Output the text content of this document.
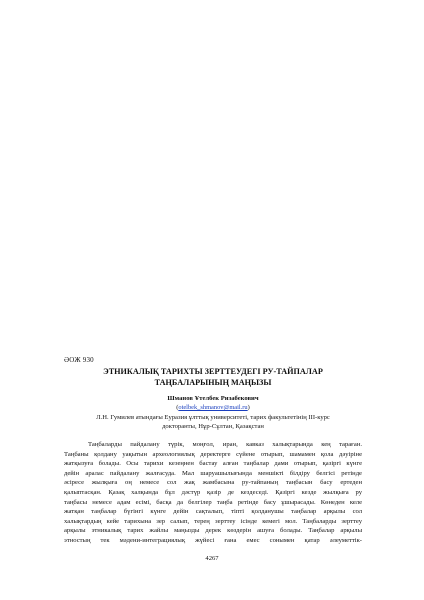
ӘОЖ 930
ЭТНИКАЛЫҚ ТАРИХТЫ ЗЕРТТЕУДЕГІ РУ-ТАЙПАЛАР
ТАҢБАЛАРЫНЫҢ МАҢЫЗЫ
Шманов Ұтелбек Ризабекович
(otelbek_shmanov@mail.ru)
Л.Н. Гумилев атындағы Еуразия ұлттық университеті, тарих факультетінің ІІІ-курс
докторанты, Нұр-Сұлтан, Қазақстан
Таңбаларды пайдалану түрік, моңғол, иран, кавказ халықтарында кең тараған.
Таңбаны қолдану уақытын археологиялық деректерге сүйене отырып, шамамен қола дәуіріне
жатқызуға болады. Осы тарихи кезеңнен бастау алған таңбалар дами отырып, қазіргі күнге
дейін аралас пайдалану жалғасуда. Мал шаруашылығында меншікті білдіру белгісі ретінде
әсіресе жылқыға оң немесе сол жақ жамбасына ру-тайпаның таңбасын басу ертеден
қалыптасқан. Қазақ халқында бұл дәстүр қазір де кездеседі. Қазіргі кезде жылқыға ру
таңбасы немесе адам есімі, басқа да белгілер таңба ретінде басу ұшырасады. Көнеден келе
жатқан таңбалар бүгінгі күнге дейін сақталып, тіпті қолданушы таңбалар арқылы сол
халықтардың кейе тарихына зер салып, терең зерттеу ісінде кемегі мол. Таңбаларды зерттеу
арқылы этникалық тарих жайлы маңызды дерек көздерін ашуға болады. Таңбалар арқылы
этностың тек мәдени-интеграциялық жүйесі ғана емес сонымен қатар әлеуметтік-
4267
